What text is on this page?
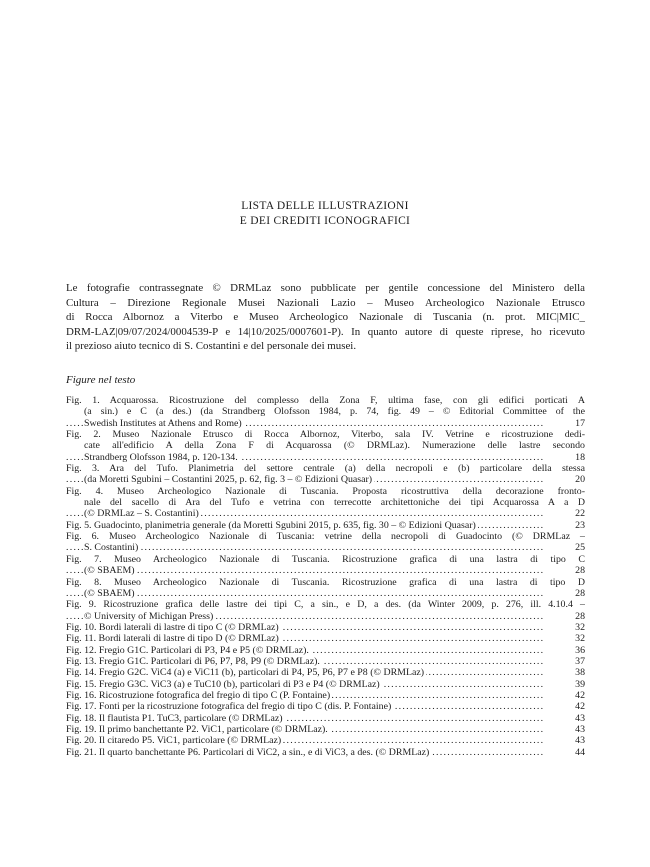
LISTA DELLE ILLUSTRAZIONI
E DEI CREDITI ICONOGRAFICI
Le fotografie contrassegnate © DRMLaz sono pubblicate per gentile concessione del Ministero della
Cultura – Direzione Regionale Musei Nazionali Lazio – Museo Archeologico Nazionale Etrusco
di Rocca Albornoz a Viterbo e Museo Archeologico Nazionale di Tuscania (n. prot. MIC|MIC_
DRM-LAZ|09/07/2024/0004539-P e 14|10/2025/0007601-P). In quanto autore di queste riprese, ho ricevuto
il prezioso aiuto tecnico di S. Costantini e del personale dei musei.
Figure nel testo
Fig. 1. Acquarossa. Ricostruzione del complesso della Zona F, ultima fase, con gli edifici porticati A
(a sin.) e C (a des.) (da Strandberg Olofsson 1984, p. 74, fig. 49 – © Editorial Committee of the
Swedish Institutes at Athens and Rome) . . .	17
Fig. 2. Museo Nazionale Etrusco di Rocca Albornoz, Viterbo, sala IV. Vetrine e ricostruzione dedi-
cate all'edificio A della Zona F di Acquarossa (© DRMLaz). Numerazione delle lastre secondo
Strandberg Olofsson 1984, p. 120-134. . . .	18
Fig. 3. Ara del Tufo. Planimetria del settore centrale (a) della necropoli e (b) particolare della stessa
(da Moretti Sgubini – Costantini 2025, p. 62, fig. 3 – © Edizioni Quasar) . . .	20
Fig. 4. Museo Archeologico Nazionale di Tuscania. Proposta ricostruttiva della decorazione fronto-
nale del sacello di Ara del Tufo e vetrina con terrecotte architettoniche dei tipi Acquarossa A a D
(© DRMLaz – S. Costantini) . . .	22
Fig. 5. Guadocinto, planimetria generale (da Moretti Sgubini 2015, p. 635, fig. 30 – © Edizioni Quasar) . . .	23
Fig. 6. Museo Archeologico Nazionale di Tuscania: vetrine della necropoli di Guadocinto (© DRMLaz –
S. Costantini) . . .	25
Fig. 7. Museo Archeologico Nazionale di Tuscania. Ricostruzione grafica di una lastra di tipo C
(© SBAEM) . . .	28
Fig. 8. Museo Archeologico Nazionale di Tuscania. Ricostruzione grafica di una lastra di tipo D
(© SBAEM) . . .	28
Fig. 9. Ricostruzione grafica delle lastre dei tipi C, a sin., e D, a des. (da Winter 2009, p. 276, ill. 4.10.4 –
© University of Michigan Press) . . .	28
Fig. 10. Bordi laterali di lastre di tipo C (© DRMLaz) . . .	32
Fig. 11. Bordi laterali di lastre di tipo D (© DRMLaz) . . .	32
Fig. 12. Fregio G1C. Particolari di P3, P4 e P5 (© DRMLaz). . . .	36
Fig. 13. Fregio G1C. Particolari di P6, P7, P8, P9 (© DRMLaz). . . .	37
Fig. 14. Fregio G2C. ViC4 (a) e ViC11 (b), particolari di P4, P5, P6, P7 e P8 (© DRMLaz) . . .	38
Fig. 15. Fregio G3C. ViC3 (a) e TuC10 (b), particolari di P3 e P4 (© DRMLaz) . . .	39
Fig. 16. Ricostruzione fotografica del fregio di tipo C (P. Fontaine) . . .	42
Fig. 17. Fonti per la ricostruzione fotografica del fregio di tipo C (dis. P. Fontaine) . . .	42
Fig. 18. Il flautista P1. TuC3, particolare (© DRMLaz) . . .	43
Fig. 19. Il primo banchettante P2. ViC1, particolare (© DRMLaz). . . .	43
Fig. 20. Il citaredo P5. ViC1, particolare (© DRMLaz) . . .	43
Fig. 21. Il quarto banchettante P6. Particolari di ViC2, a sin., e di ViC3, a des. (© DRMLaz) . . .	44
